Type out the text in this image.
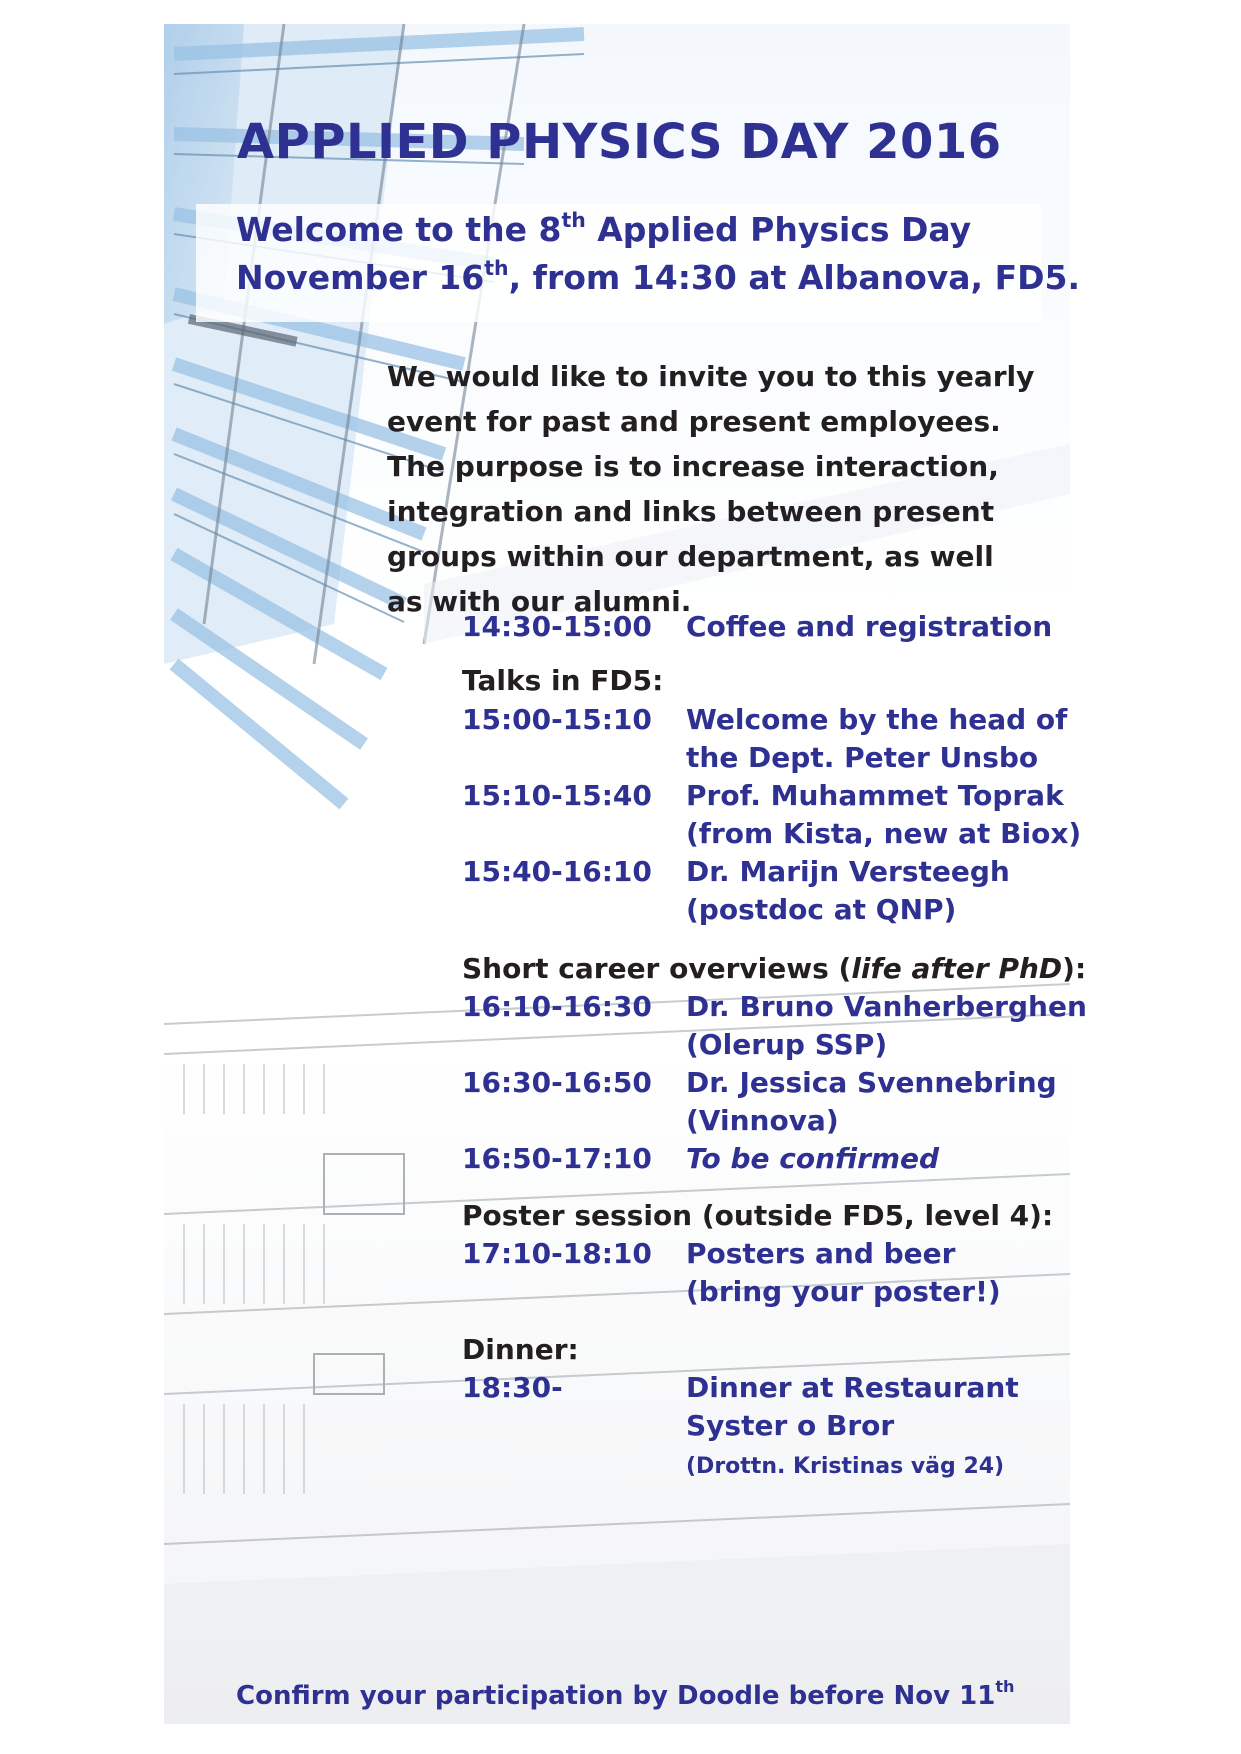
APPLIED PHYSICS DAY 2016
Welcome to the 8th Applied Physics Day
November 16th, from 14:30 at Albanova, FD5.
We would like to invite you to this yearly
event for past and present employees.
The purpose is to increase interaction,
integration and links between present
groups within our department, as well
as with our alumni.
14:30-15:00 Coffee and registration
Talks in FD5:
15:00-15:10 Welcome by the head of
the Dept. Peter Unsbo
15:10-15:40 Prof. Muhammet Toprak
(from Kista, new at Biox)
15:40-16:10 Dr. Marijn Versteegh
(postdoc at QNP)
Short career overviews (life after PhD):
16:10-16:30 Dr. Bruno Vanherberghen
(Olerup SSP)
16:30-16:50 Dr. Jessica Svennebring
(Vinnova)
16:50-17:10 To be confirmed
Poster session (outside FD5, level 4):
17:10-18:10 Posters and beer
(bring your poster!)
Dinner:
18:30-	Dinner at Restaurant
Syster o Bror
(Drottn. Kristinas väg 24)
Confirm your participation by Doodle before Nov 11th
